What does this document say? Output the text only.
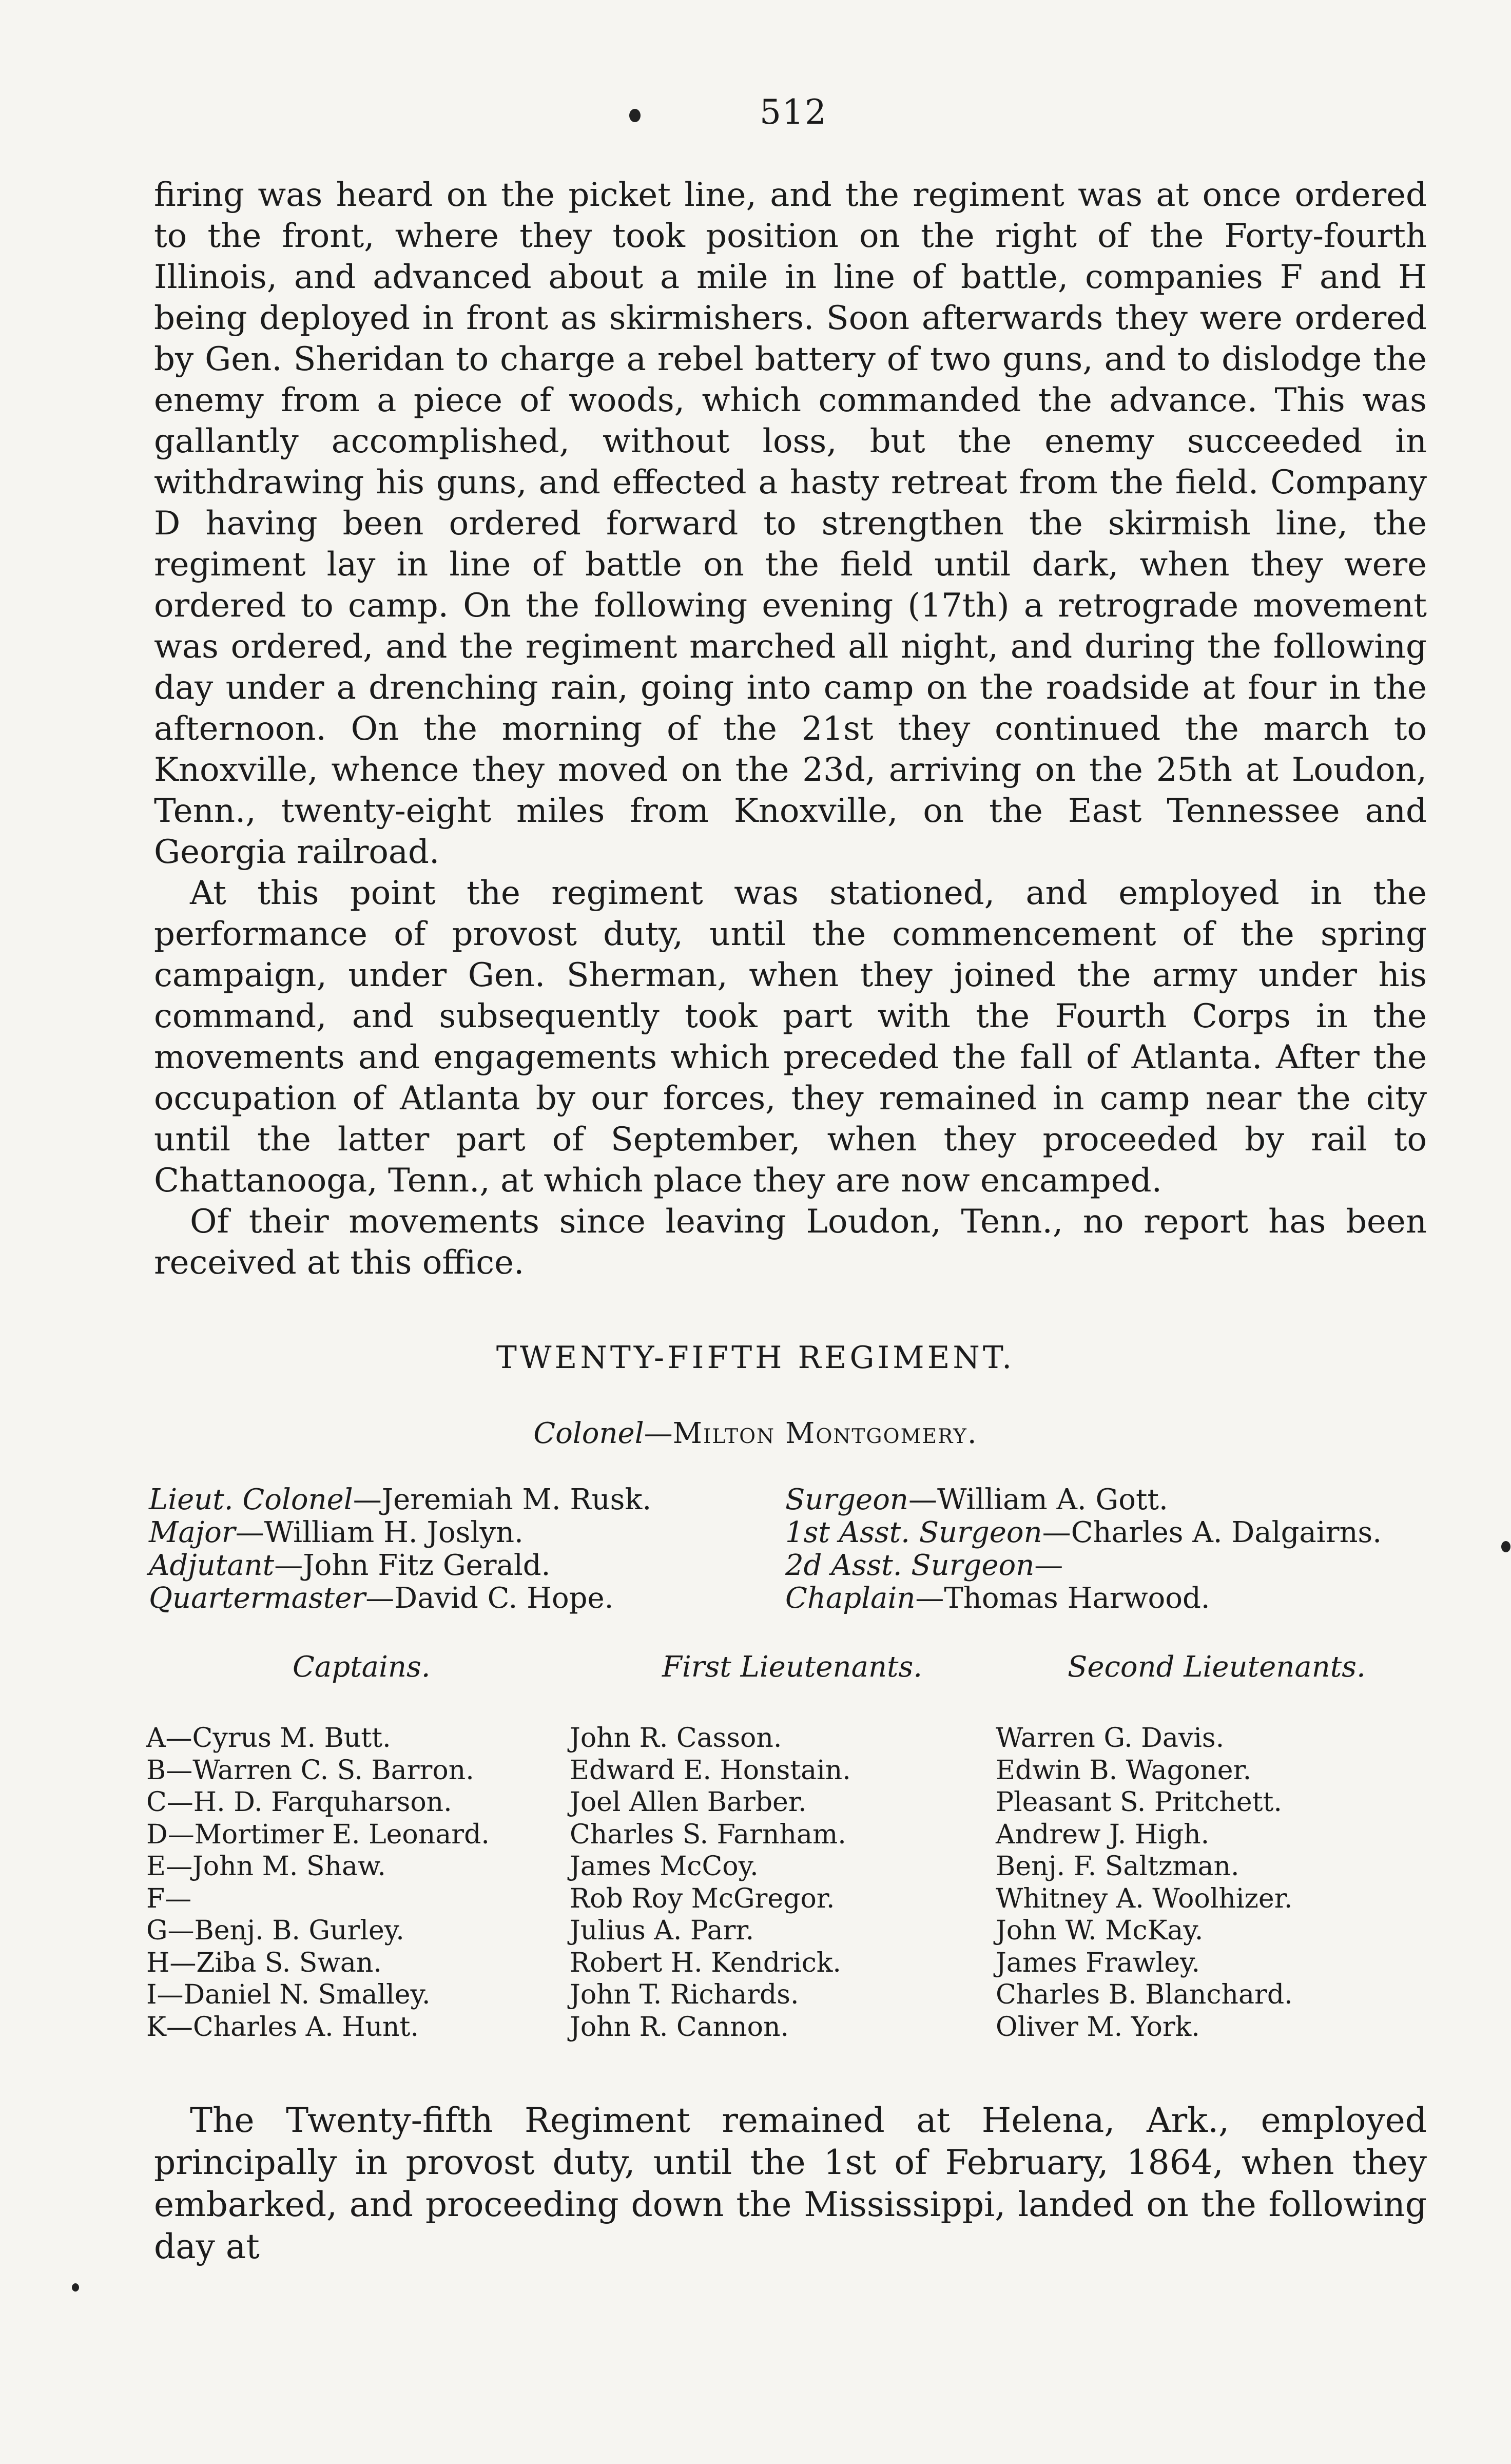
512

firing was heard on the picket line, and the regiment was at once ordered to the front, where they took position on the right of the Forty-fourth Illinois, and advanced about a mile in line of battle, companies F and H being deployed in front as skirmishers. Soon afterwards they were ordered by Gen. Sheridan to charge a rebel battery of two guns, and to dislodge the enemy from a piece of woods, which commanded the advance. This was gallantly accomplished, without loss, but the enemy succeeded in withdrawing his guns, and effected a hasty retreat from the field. Company D having been ordered forward to strengthen the skirmish line, the regiment lay in line of battle on the field until dark, when they were ordered to camp. On the following evening (17th) a retrograde movement was ordered, and the regiment marched all night, and during the following day under a drenching rain, going into camp on the roadside at four in the afternoon. On the morning of the 21st they continued the march to Knoxville, whence they moved on the 23d, arriving on the 25th at Loudon, Tenn., twenty-eight miles from Knoxville, on the East Tennessee and Georgia railroad.

At this point the regiment was stationed, and employed in the performance of provost duty, until the commencement of the spring campaign, under Gen. Sherman, when they joined the army under his command, and subsequently took part with the Fourth Corps in the movements and engagements which preceded the fall of Atlanta. After the occupation of Atlanta by our forces, they remained in camp near the city until the latter part of September, when they proceeded by rail to Chattanooga, Tenn., at which place they are now encamped.

Of their movements since leaving Loudon, Tenn., no report has been received at this office.

TWENTY-FIFTH REGIMENT.
Colonel—Milton Montgomery.
Lieut. Colonel—Jeremiah M. Rusk.
Major—William H. Joslyn.
Adjutant—John Fitz Gerald.
Quartermaster—David C. Hope.
Surgeon—William A. Gott.
1st Asst. Surgeon—Charles A. Dalgairns.
2d Asst. Surgeon—
Chaplain—Thomas Harwood.
Captains.	First Lieutenants.	Second Lieutenants.
A—Cyrus M. Butt.
B—Warren C. S. Barron.
C—H. D. Farquharson.
D—Mortimer E. Leonard.
E—John M. Shaw.
F—
G—Benj. B. Gurley.
H—Ziba S. Swan.
I—Daniel N. Smalley.
K—Charles A. Hunt.
John R. Casson.
Edward E. Honstain.
Joel Allen Barber.
Charles S. Farnham.
James McCoy.
Rob Roy McGregor.
Julius A. Parr.
Robert H. Kendrick.
John T. Richards.
John R. Cannon.
Warren G. Davis.
Edwin B. Wagoner.
Pleasant S. Pritchett.
Andrew J. High.
Benj. F. Saltzman.
Whitney A. Woolhizer.
John W. McKay.
James Frawley.
Charles B. Blanchard.
Oliver M. York.

The Twenty-fifth Regiment remained at Helena, Ark., employed principally in provost duty, until the 1st of February, 1864, when they embarked, and proceeding down the Mississippi, landed on the following day at
